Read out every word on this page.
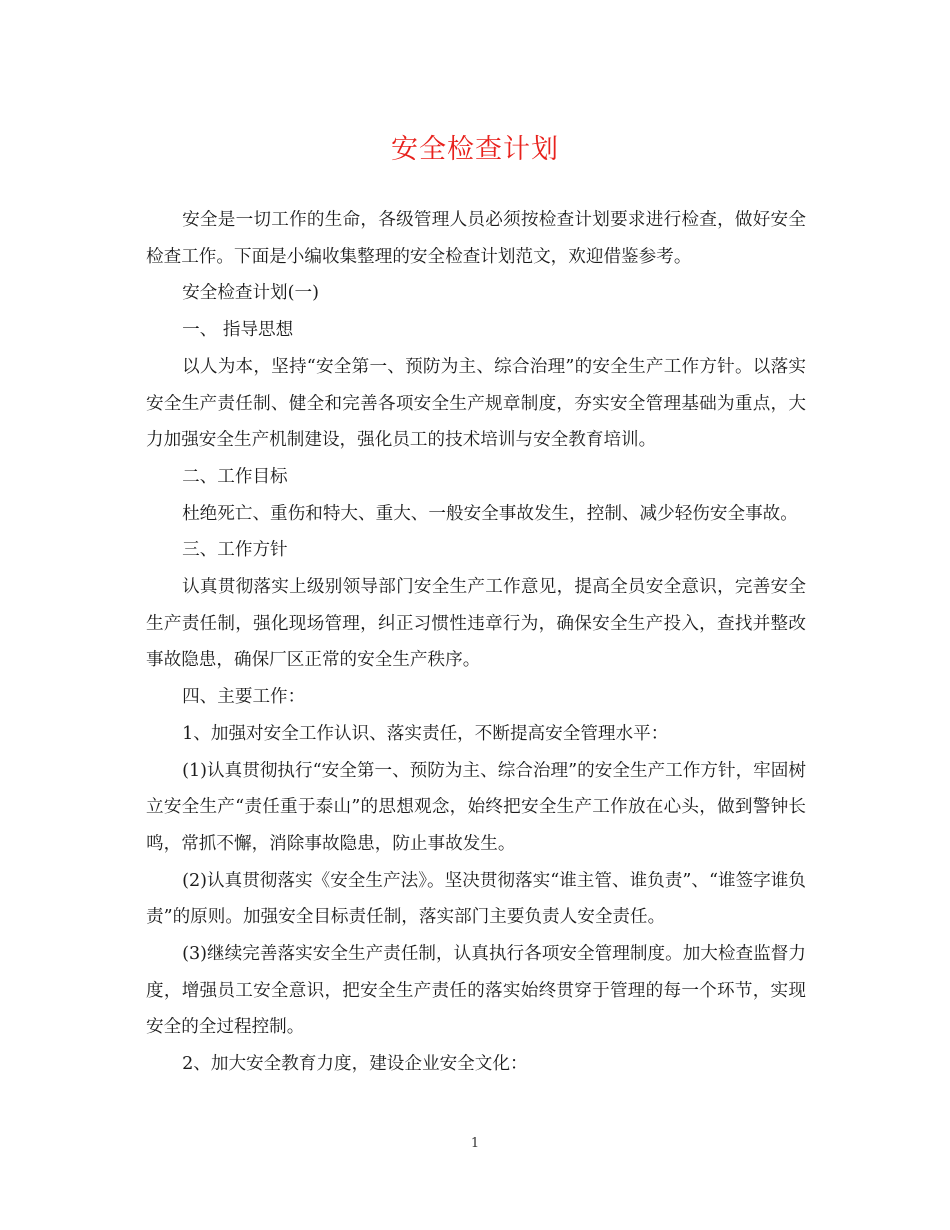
安全检查计划

安全是一切工作的生命，各级管理人员必须按检查计划要求进行检查，做好安全检查工作。下面是小编收集整理的安全检查计划范文，欢迎借鉴参考。

安全检查计划(一)

一、 指导思想

以人为本，坚持“安全第一、预防为主、综合治理”的安全生产工作方针。以落实安全生产责任制、健全和完善各项安全生产规章制度，夯实安全管理基础为重点，大力加强安全生产机制建设，强化员工的技术培训与安全教育培训。

二、工作目标

杜绝死亡、重伤和特大、重大、一般安全事故发生，控制、减少轻伤安全事故。

三、工作方针

认真贯彻落实上级别领导部门安全生产工作意见，提高全员安全意识，完善安全生产责任制，强化现场管理，纠正习惯性违章行为，确保安全生产投入，查找并整改事故隐患，确保厂区正常的安全生产秩序。

四、主要工作：

1、加强对安全工作认识、落实责任，不断提高安全管理水平：

(1)认真贯彻执行“安全第一、预防为主、综合治理”的安全生产工作方针，牢固树立安全生产“责任重于泰山”的思想观念，始终把安全生产工作放在心头，做到警钟长鸣，常抓不懈，消除事故隐患，防止事故发生。

(2)认真贯彻落实《安全生产法》。坚决贯彻落实“谁主管、谁负责”、“谁签字谁负责”的原则。加强安全目标责任制，落实部门主要负责人安全责任。

(3)继续完善落实安全生产责任制，认真执行各项安全管理制度。加大检查监督力度，增强员工安全意识，把安全生产责任的落实始终贯穿于管理的每一个环节，实现安全的全过程控制。

2、加大安全教育力度，建设企业安全文化：

1
